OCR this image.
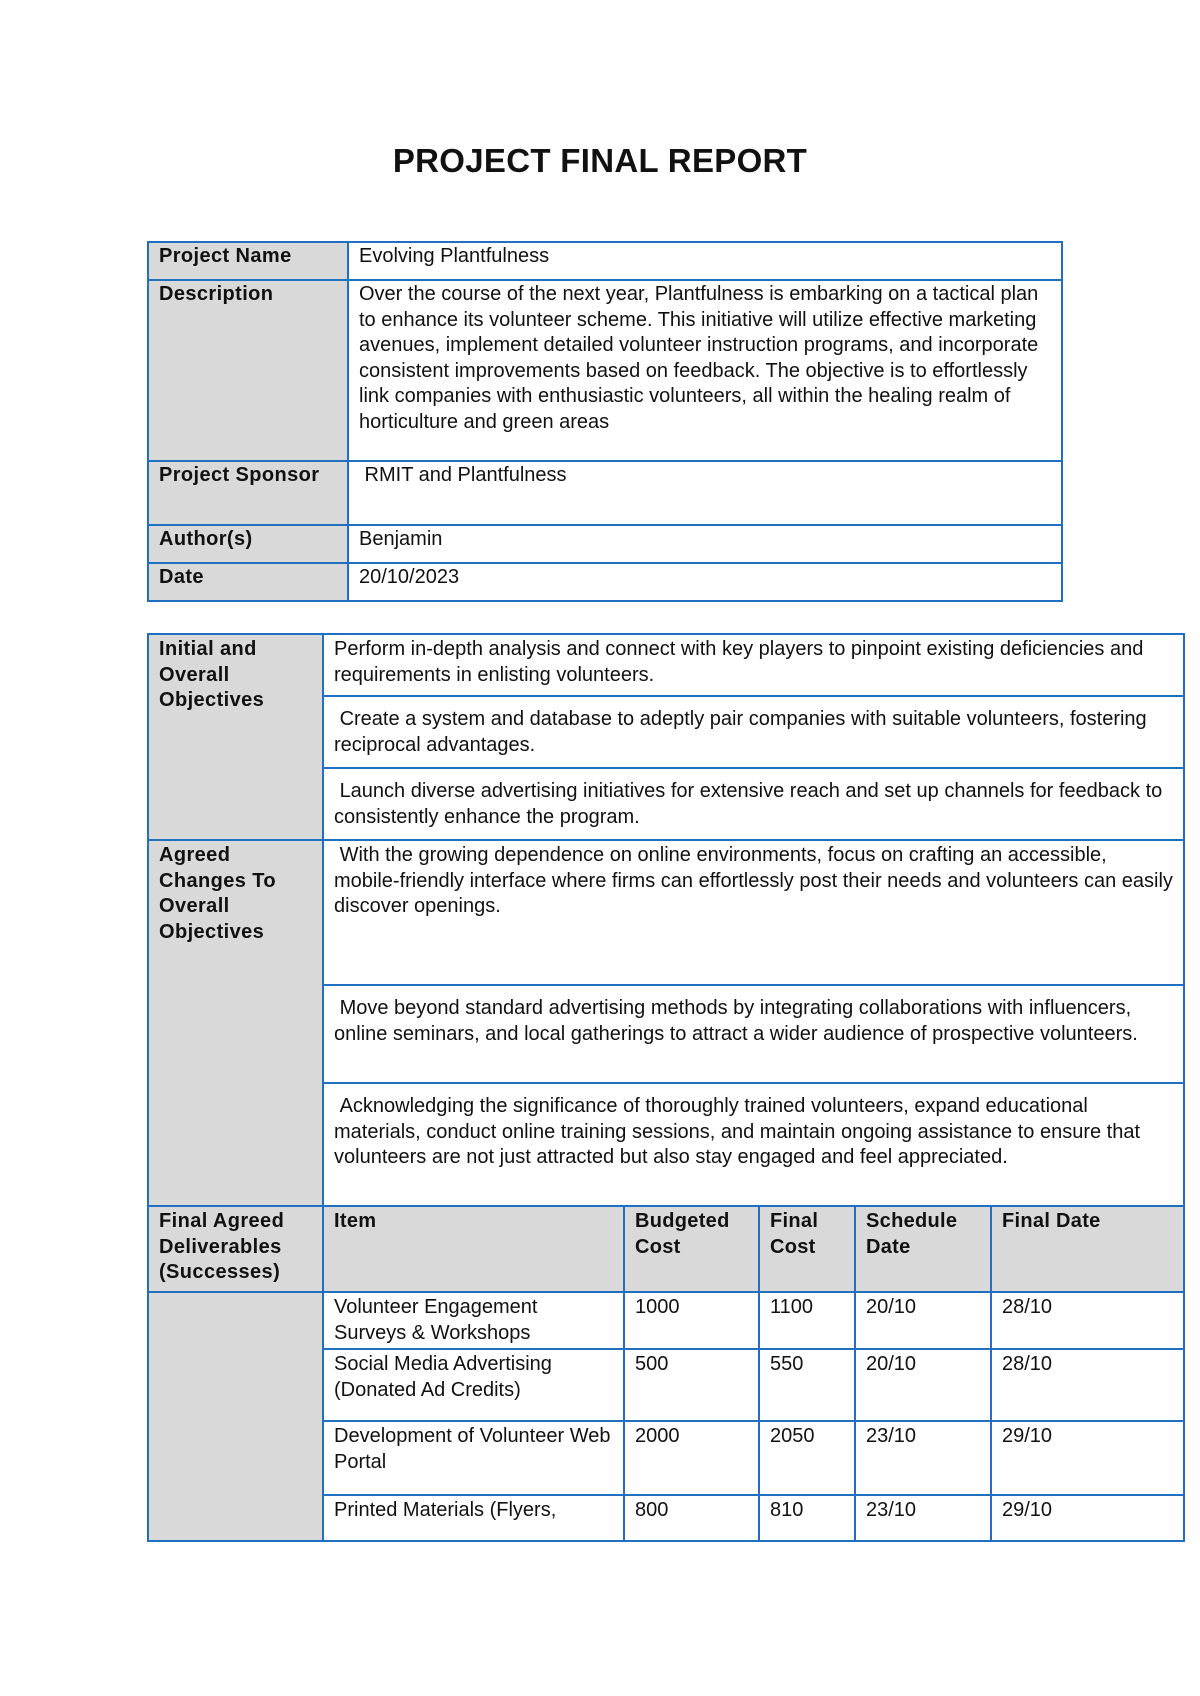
PROJECT FINAL REPORT
Project Name	Evolving Plantfulness
Description	Over the course of the next year, Plantfulness is embarking on a tactical plan to enhance its volunteer scheme. This initiative will utilize effective marketing avenues, implement detailed volunteer instruction programs, and incorporate consistent improvements based on feedback. The objective is to effortlessly link companies with enthusiastic volunteers, all within the healing realm of horticulture and green areas
Project Sponsor	RMIT and Plantfulness
Author(s)	Benjamin
Date	20/10/2023
Initial and Overall Objectives	Perform in-depth analysis and connect with key players to pinpoint existing deficiencies and requirements in enlisting volunteers.				
	Create a system and database to adeptly pair companies with suitable volunteers, fostering reciprocal advantages.				
	Launch diverse advertising initiatives for extensive reach and set up channels for feedback to consistently enhance the program.				
Agreed Changes To Overall Objectives	With the growing dependence on online environments, focus on crafting an accessible, mobile-friendly interface where firms can effortlessly post their needs and volunteers can easily discover openings.				
	Move beyond standard advertising methods by integrating collaborations with influencers, online seminars, and local gatherings to attract a wider audience of prospective volunteers.				
	Acknowledging the significance of thoroughly trained volunteers, expand educational materials, conduct online training sessions, and maintain ongoing assistance to ensure that volunteers are not just attracted but also stay engaged and feel appreciated.				
Final Agreed Deliverables (Successes)	Item	Budgeted Cost	Final Cost	Schedule Date	Final Date
	Volunteer Engagement Surveys & Workshops	1000	1100	20/10	28/10
	Social Media Advertising (Donated Ad Credits)	500	550	20/10	28/10
	Development of Volunteer Web Portal	2000	2050	23/10	29/10
	Printed Materials (Flyers,	800	810	23/10	29/10
